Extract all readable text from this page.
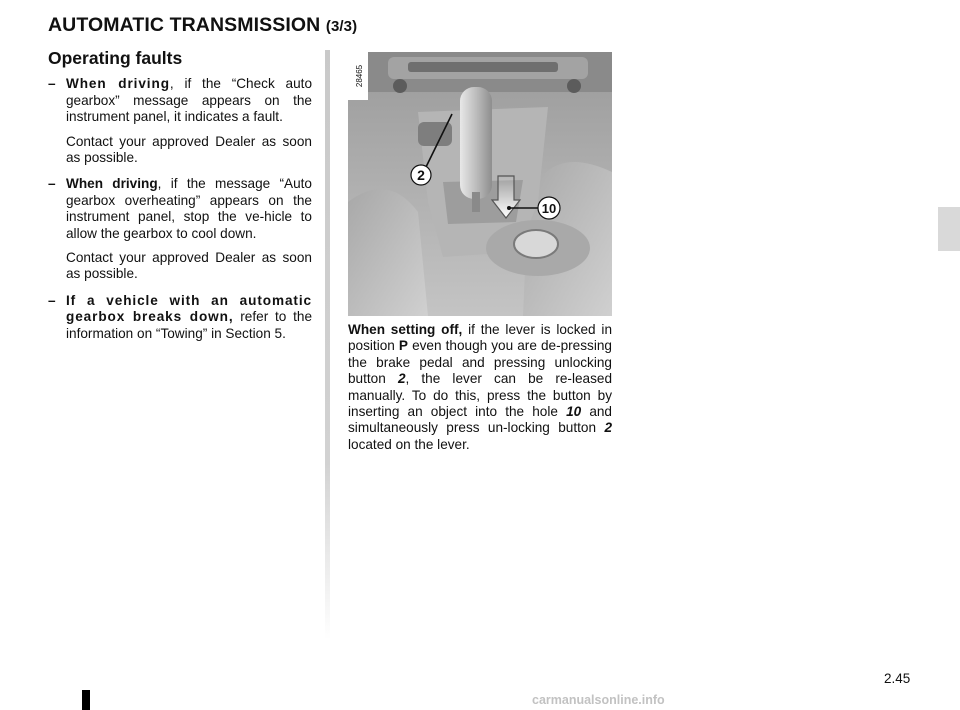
AUTOMATIC TRANSMISSION (3/3)
Operating faults
– When driving, if the “Check auto gearbox” message appears on the instrument panel, it indicates a fault.
Contact your approved Dealer as soon as possible.
– When driving, if the message “Auto gearbox overheating” appears on the instrument panel, stop the ve-hicle to allow the gearbox to cool down.
Contact your approved Dealer as soon as possible.
– If a vehicle with an automatic gearbox breaks down, refer to the information on “Towing” in Section 5.
2
10
28465
When setting off, if the lever is locked in position P even though you are de-pressing the brake pedal and pressing unlocking button 2, the lever can be re-leased manually. To do this, press the button by inserting an object into the hole 10 and simultaneously press un-locking button 2 located on the lever.
2.45
carmanualsonline.info
